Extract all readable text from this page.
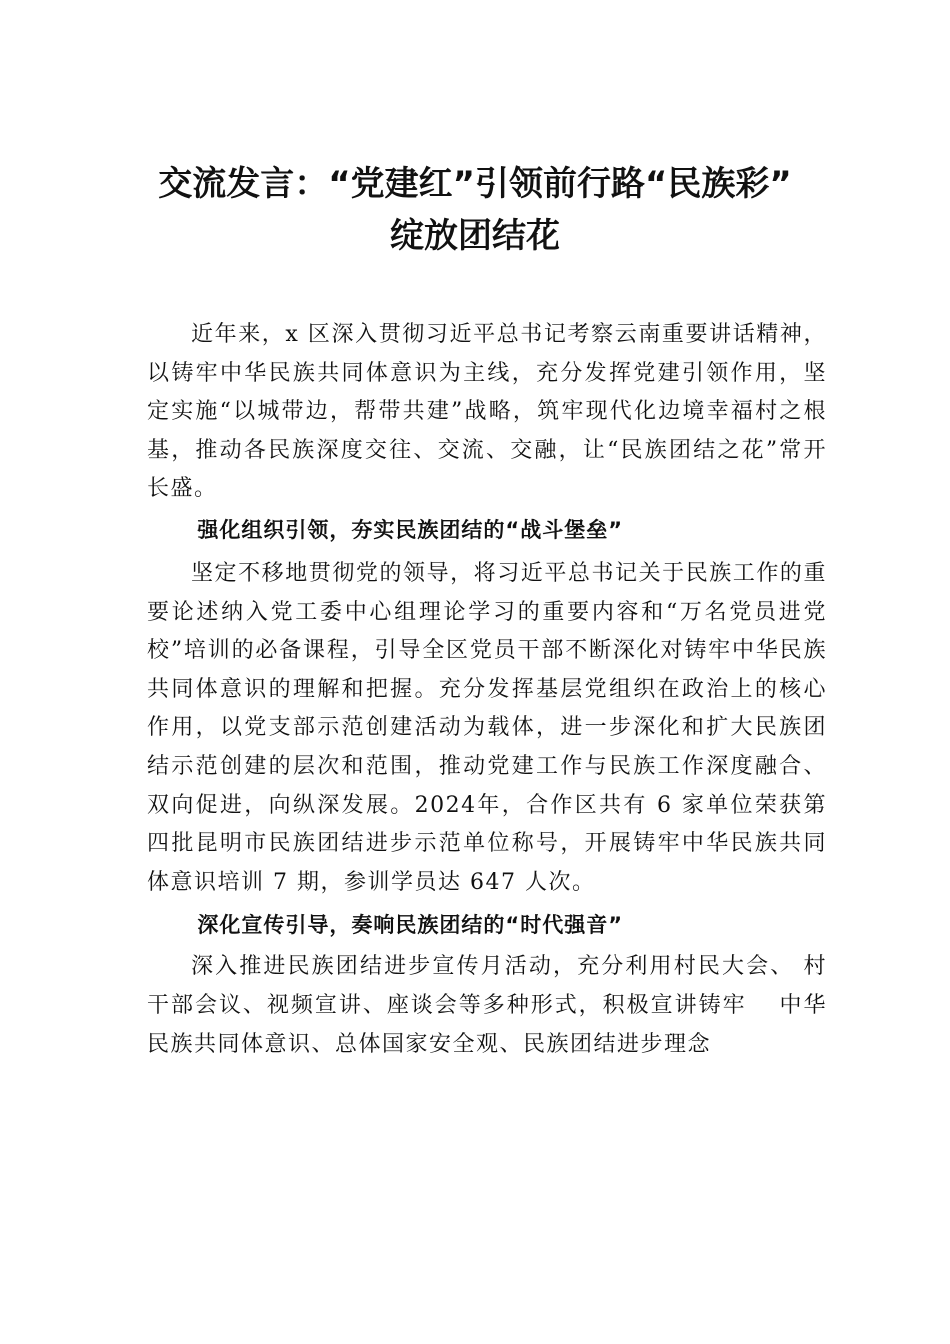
交流发言：“党建红”引领前行路“民族彩”
绽放团结花

近年来，x 区深入贯彻习近平总书记考察云南重要讲话精神，以铸牢中华民族共同体意识为主线，充分发挥党建引领作用，坚定实施“以城带边，帮带共建”战略，筑牢现代化边境幸福村之根基，推动各民族深度交往、交流、交融，让“民族团结之花”常开长盛。

强化组织引领，夯实民族团结的“战斗堡垒”

坚定不移地贯彻党的领导，将习近平总书记关于民族工作的重要论述纳入党工委中心组理论学习的重要内容和“万名党员进党校”培训的必备课程，引导全区党员干部不断深化对铸牢中华民族共同体意识的理解和把握。充分发挥基层党组织在政治上的核心作用，以党支部示范创建活动为载体，进一步深化和扩大民族团结示范创建的层次和范围，推动党建工作与民族工作深度融合、双向促进，向纵深发展。2024年，合作区共有 6 家单位荣获第四批昆明市民族团结进步示范单位称号，开展铸牢中华民族共同体意识培训 7 期，参训学员达 647 人次。

深化宣传引导，奏响民族团结的“时代强音”

深入推进民族团结进步宣传月活动，充分利用村民大会、 村干部会议、视频宣讲、座谈会等多种形式，积极宣讲铸牢　 中华民族共同体意识、总体国家安全观、民族团结进步理念
